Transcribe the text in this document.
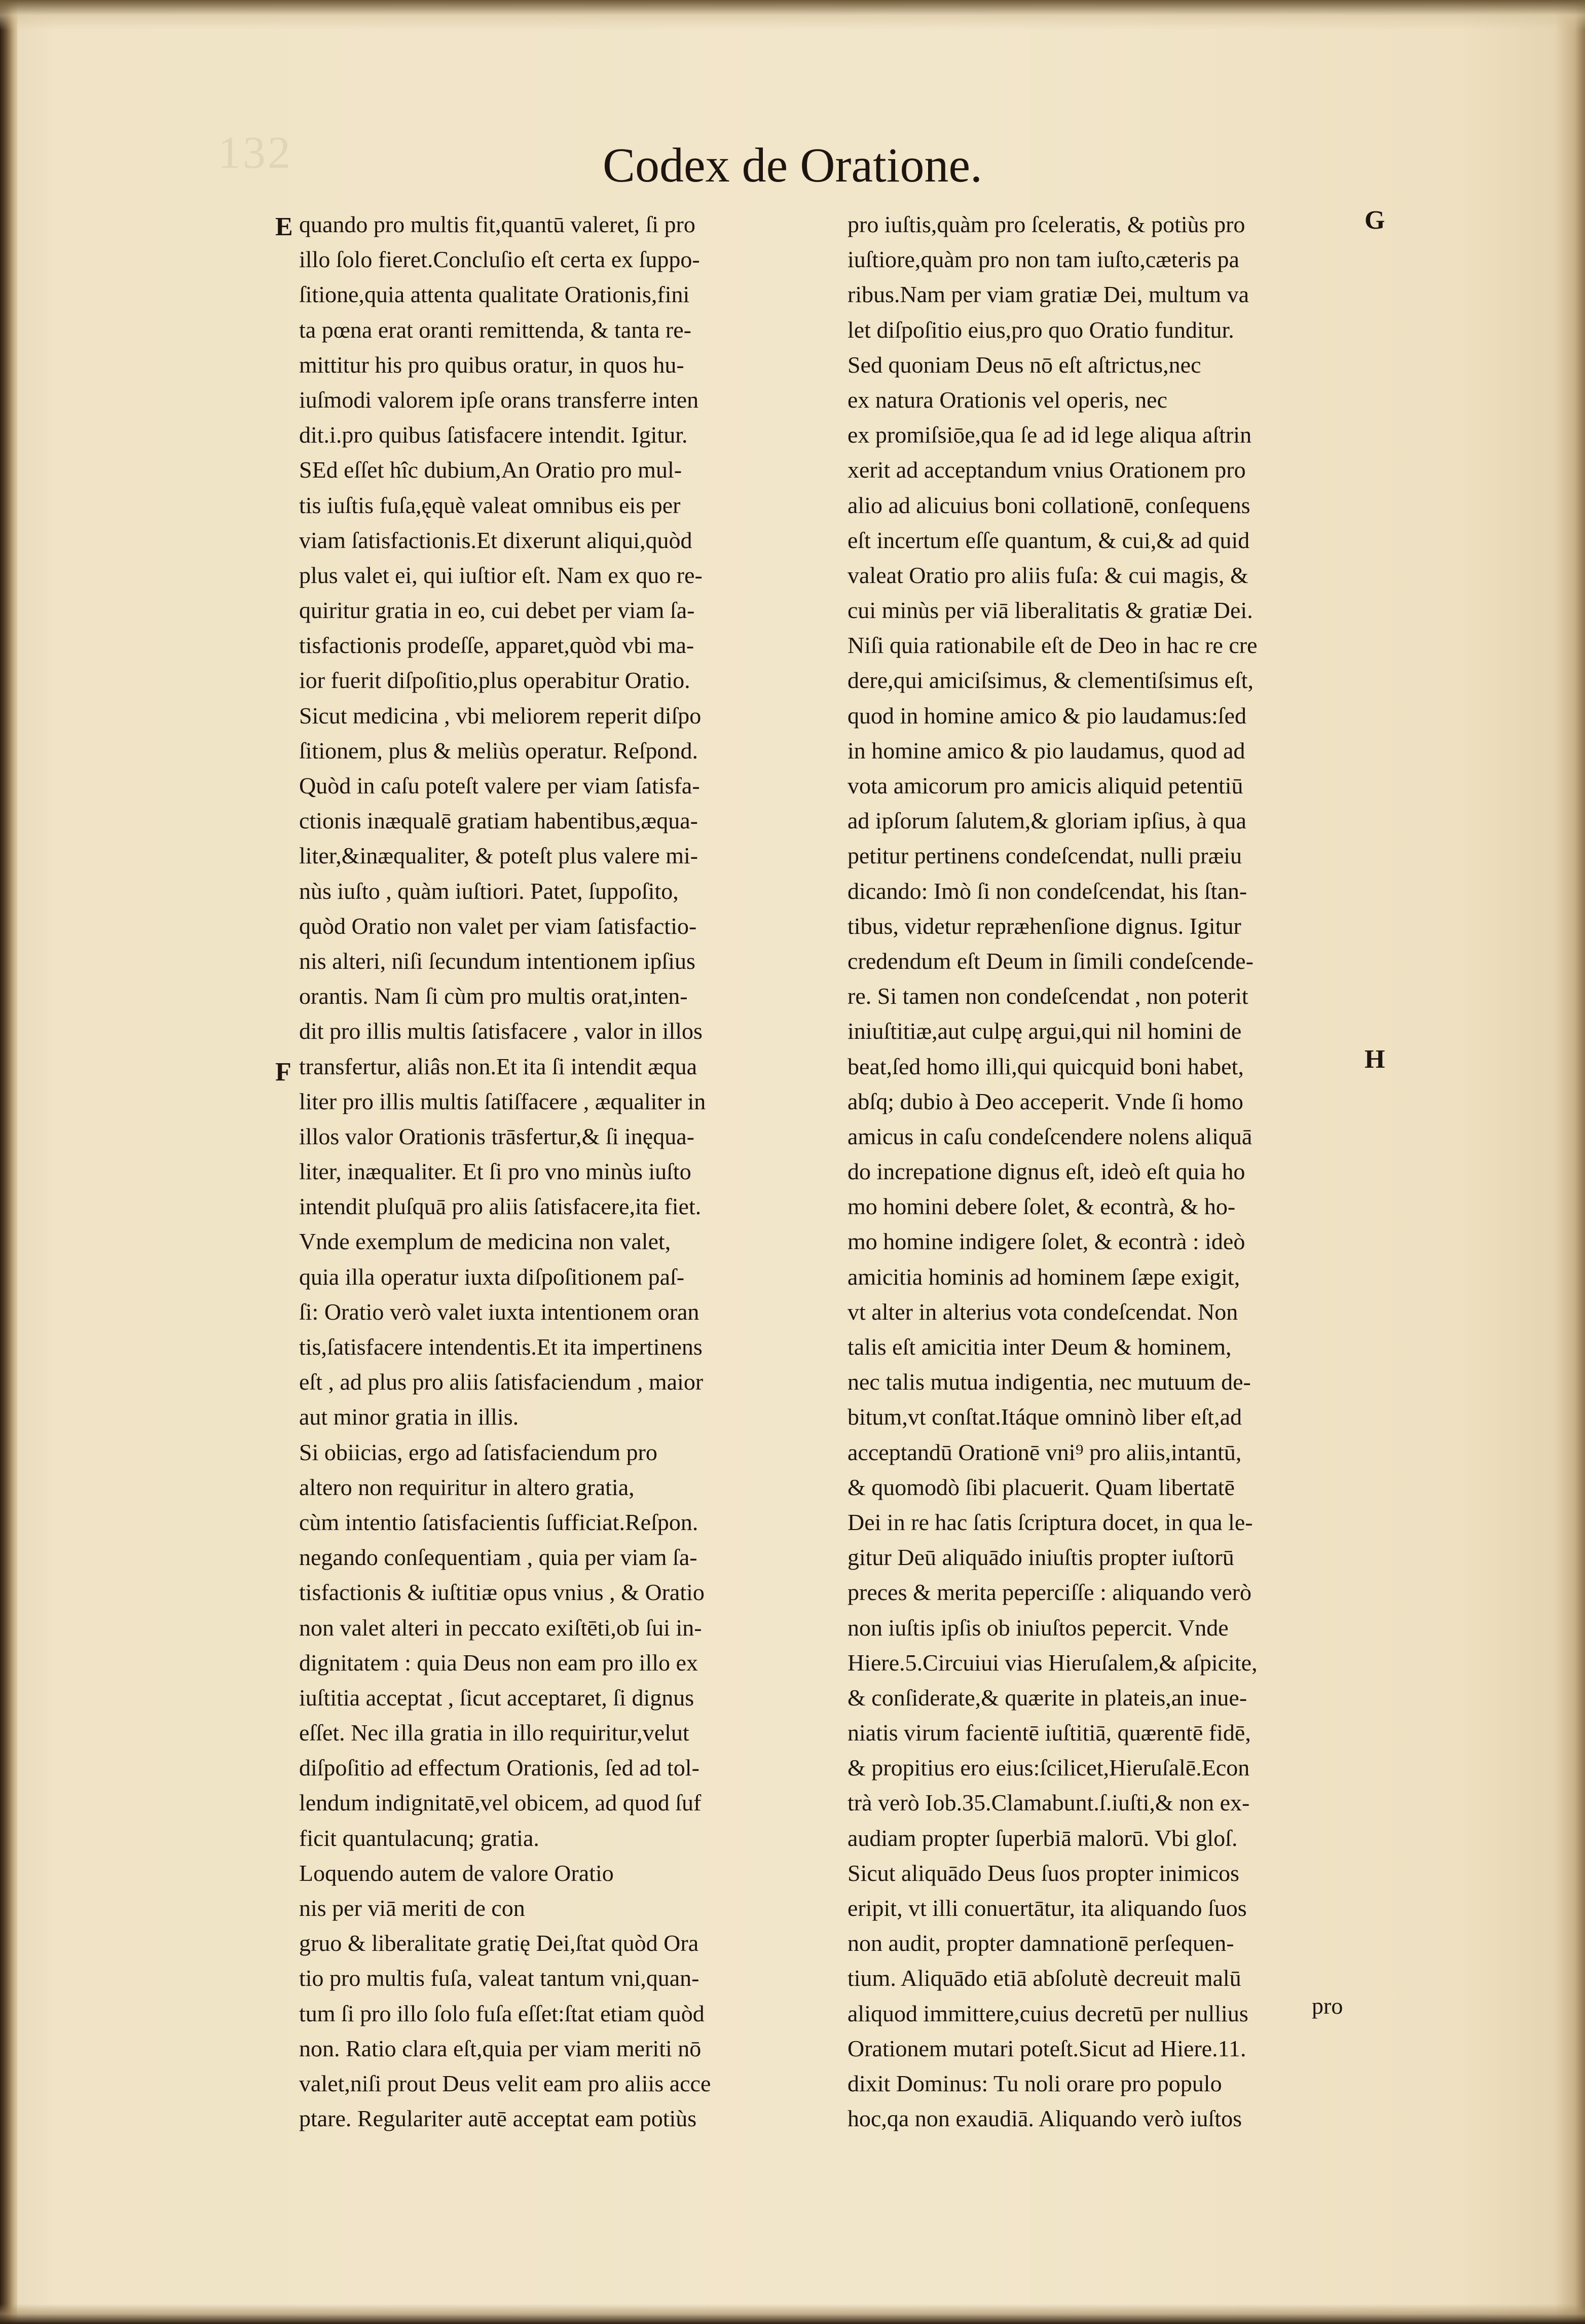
132	Codex de Oratione.
quando pro multis fit,quantū valeret, ſi pro
illo ſolo fieret.Concluſio eſt certa ex ſuppo-
ſitione,quia attenta qualitate Orationis,fini
ta pœna erat oranti remittenda, & tanta re-
mittitur his pro quibus oratur, in quos hu-
iuſmodi valorem ipſe orans transferre inten
dit.i.pro quibus ſatisfacere intendit. Igitur.
SEd eſſet hîc dubium,An Oratio pro mul-
tis iuſtis fuſa,ęquè valeat omnibus eis per
viam ſatisfactionis.Et dixerunt aliqui,quòd
plus valet ei, qui iuſtior eſt. Nam ex quo re-
quiritur gratia in eo, cui debet per viam ſa-
tisfactionis prodeſſe, apparet,quòd vbi ma-
ior fuerit diſpoſitio,plus operabitur Oratio.
Sicut medicina , vbi meliorem reperit diſpo
ſitionem, plus & meliùs operatur. Reſpond.
Quòd in caſu poteſt valere per viam ſatisfa-
ctionis inæqualē gratiam habentibus,æqua-
liter,&inæqualiter, & poteſt plus valere mi-
nùs iuſto , quàm iuſtiori. Patet, ſuppoſito,
quòd Oratio non valet per viam ſatisfactio-
nis alteri, niſi ſecundum intentionem ipſius
orantis. Nam ſi cùm pro multis orat,inten-
dit pro illis multis ſatisfacere , valor in illos
transfertur, aliâs non.Et ita ſi intendit æqua
liter pro illis multis ſatiſfacere , æqualiter in
illos valor Orationis trāsfertur,& ſi inęqua-
liter, inæqualiter. Et ſi pro vno minùs iuſto
intendit pluſquā pro aliis ſatisfacere,ita fiet.
Vnde exemplum de medicina non valet,
quia illa operatur iuxta diſpoſitionem paſ-
ſi: Oratio verò valet iuxta intentionem oran
tis,ſatisfacere intendentis.Et ita impertinens
eſt , ad plus pro aliis ſatisfaciendum , maior
aut minor gratia in illis.
Si obiicias, ergo ad ſatisfaciendum pro
altero non requiritur in altero gratia,
cùm intentio ſatisfacientis ſufficiat.Reſpon.
negando conſequentiam , quia per viam ſa-
tisfactionis & iuſtitiæ opus vnius , & Oratio
non valet alteri in peccato exiſtēti,ob ſui in-
dignitatem : quia Deus non eam pro illo ex
iuſtitia acceptat , ſicut acceptaret, ſi dignus
eſſet. Nec illa gratia in illo requiritur,velut
diſpoſitio ad effectum Orationis, ſed ad tol-
lendum indignitatē,vel obicem, ad quod ſuf
ficit quantulacunq; gratia.
Loquendo autem de valore Oratio
nis per viā meriti de con
gruo & liberalitate gratię Dei,ſtat quòd Ora
tio pro multis fuſa, valeat tantum vni,quan-
tum ſi pro illo ſolo fuſa eſſet:ſtat etiam quòd
non. Ratio clara eſt,quia per viam meriti nō
valet,niſi prout Deus velit eam pro aliis acce
ptare. Regulariter autē acceptat eam potiùs
pro iuſtis,quàm pro ſceleratis, & potiùs pro
iuſtiore,quàm pro non tam iuſto,cæteris pa
ribus.Nam per viam gratiæ Dei, multum va
let diſpoſitio eius,pro quo Oratio funditur.
Sed quoniam Deus nō eſt aſtrictus,nec
ex natura Orationis vel operis, nec
ex promiſsiōe,qua ſe ad id lege aliqua aſtrin
xerit ad acceptandum vnius Orationem pro
alio ad alicuius boni collationē, conſequens
eſt incertum eſſe quantum, & cui,& ad quid
valeat Oratio pro aliis fuſa: & cui magis, &
cui minùs per viā liberalitatis & gratiæ Dei.
Niſi quia rationabile eſt de Deo in hac re cre
dere,qui amiciſsimus, & clementiſsimus eſt,
quod in homine amico & pio laudamus:ſed
in homine amico & pio laudamus, quod ad
vota amicorum pro amicis aliquid petentiū
ad ipſorum ſalutem,& gloriam ipſius, à qua
petitur pertinens condeſcendat, nulli præiu
dicando: Imò ſi non condeſcendat, his ſtan-
tibus, videtur repræhenſione dignus. Igitur
credendum eſt Deum in ſimili condeſcende-
re. Si tamen non condeſcendat , non poterit
iniuſtitiæ,aut culpę argui,qui nil homini de
beat,ſed homo illi,qui quicquid boni habet,
abſq; dubio à Deo acceperit. Vnde ſi homo
amicus in caſu condeſcendere nolens aliquā
do increpatione dignus eſt, ideò eſt quia ho
mo homini debere ſolet, & econtrà, & ho-
mo homine indigere ſolet, & econtrà : ideò
amicitia hominis ad hominem ſæpe exigit,
vt alter in alterius vota condeſcendat. Non
talis eſt amicitia inter Deum & hominem,
nec talis mutua indigentia, nec mutuum de-
bitum,vt conſtat.Itáque omninò liber eſt,ad
acceptandū Orationē vni⁹ pro aliis,intantū,
& quomodò ſibi placuerit. Quam libertatē
Dei in re hac ſatis ſcriptura docet, in qua le-
gitur Deū aliquādo iniuſtis propter iuſtorū
preces & merita peperciſſe : aliquando verò
non iuſtis ipſis ob iniuſtos pepercit. Vnde
Hiere.5.Circuiui vias Hieruſalem,& aſpicite,
& conſiderate,& quærite in plateis,an inue-
niatis virum facientē iuſtitiā, quærentē fidē,
& propitius ero eius:ſcilicet,Hieruſalē.Econ
trà verò Iob.35.Clamabunt.ſ.iuſti,& non ex-
audiam propter ſuperbiā malorū. Vbi gloſ.
Sicut aliquādo Deus ſuos propter inimicos
eripit, vt illi conuertātur, ita aliquando ſuos
non audit, propter damnationē perſequen-
tium. Aliquādo etiā abſolutè decreuit malū
aliquod immittere,cuius decretū per nullius
Orationem mutari poteſt.Sicut ad Hiere.11.
dixit Dominus: Tu noli orare pro populo
hoc,qa non exaudiā. Aliquando verò iuſtos
E
F
G
H
pro
